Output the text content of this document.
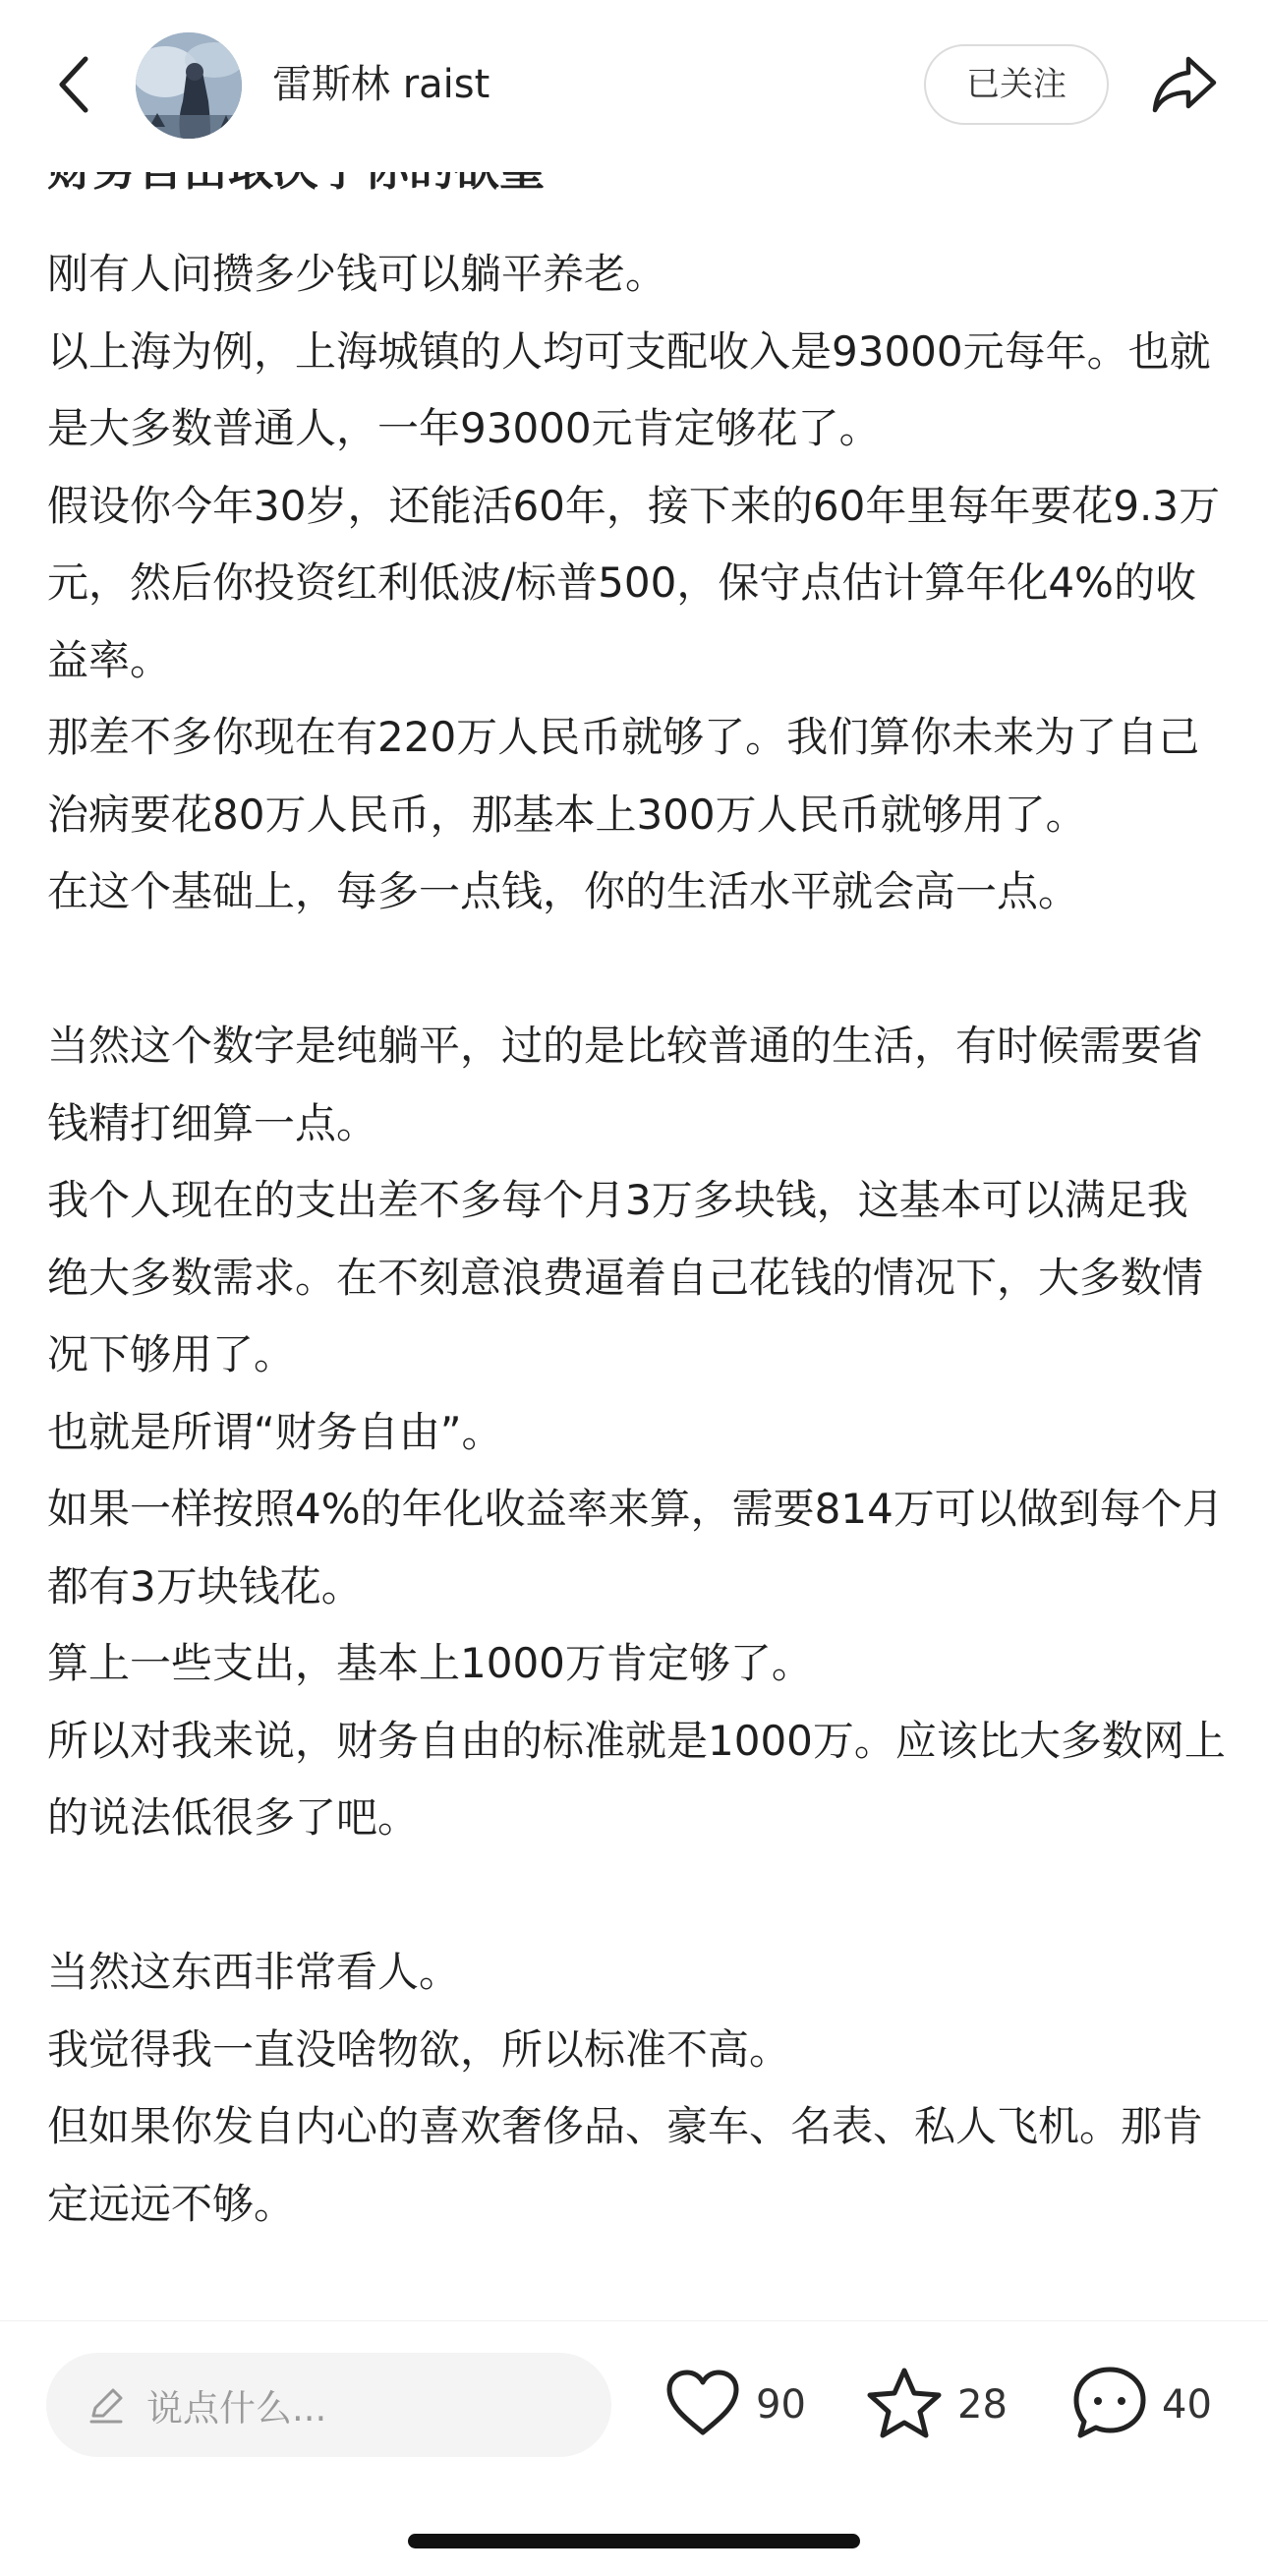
雷斯林 raist	已关注

刚有人问攒多少钱可以躺平养老。

以上海为例，上海城镇的人均可支配收入是93000元每年。也就是大多数普通人，一年93000元肯定够花了。

假设你今年30岁，还能活60年，接下来的60年里每年要花9.3万元，然后你投资红利低波/标普500，保守点估计算年化4%的收益率。

那差不多你现在有220万人民币就够了。我们算你未来为了自己治病要花80万人民币，那基本上300万人民币就够用了。

在这个基础上，每多一点钱，你的生活水平就会高一点。

当然这个数字是纯躺平，过的是比较普通的生活，有时候需要省钱精打细算一点。

我个人现在的支出差不多每个月3万多块钱，这基本可以满足我绝大多数需求。在不刻意浪费逼着自己花钱的情况下，大多数情况下够用了。

也就是所谓“财务自由”。

如果一样按照4%的年化收益率来算，需要814万可以做到每个月都有3万块钱花。

算上一些支出，基本上1000万肯定够了。

所以对我来说，财务自由的标准就是1000万。应该比大多数网上的说法低很多了吧。

当然这东西非常看人。

我觉得我一直没啥物欲，所以标准不高。

但如果你发自内心的喜欢奢侈品、豪车、名表、私人飞机。那肯定远远不够。

说点什么...	90	28	40
